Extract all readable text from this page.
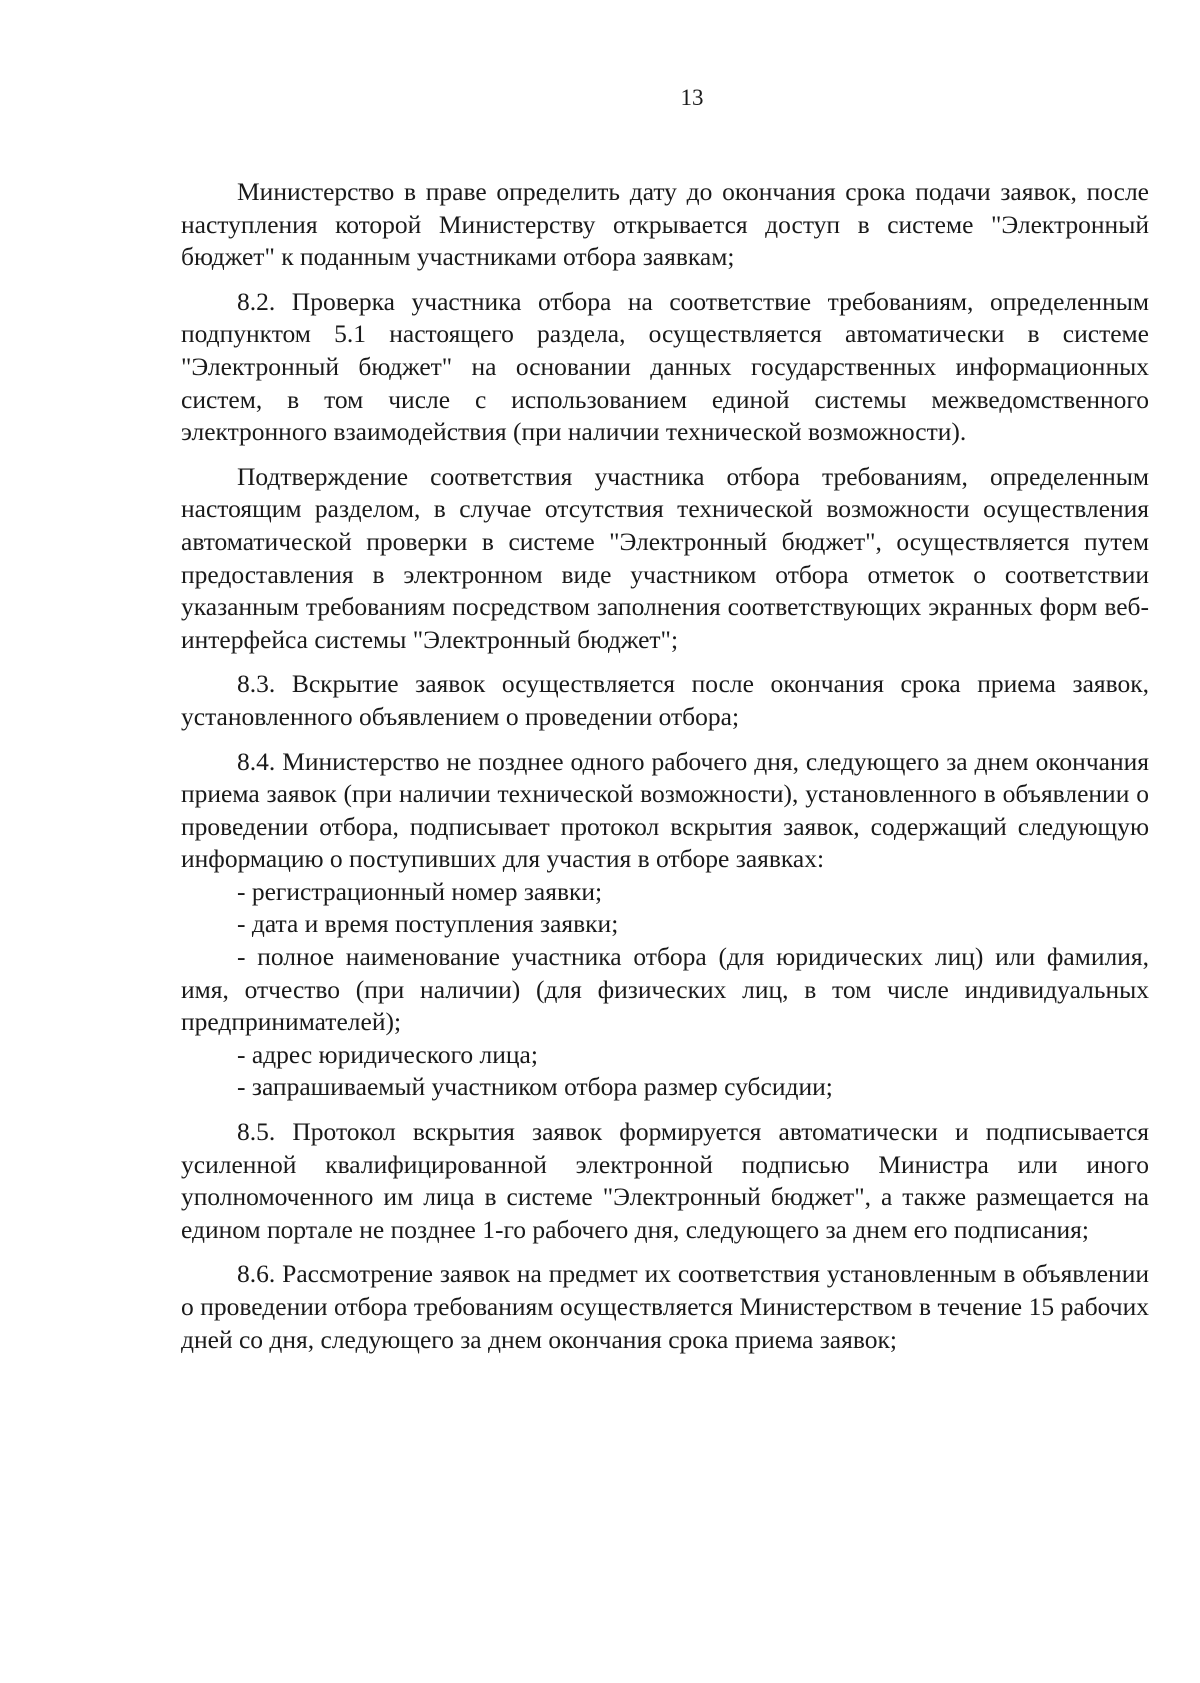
13

Министерство в праве определить дату до окончания срока подачи заявок, после наступления которой Министерству открывается доступ в системе "Электронный бюджет" к поданным участниками отбора заявкам;

8.2. Проверка участника отбора на соответствие требованиям, определенным подпунктом 5.1 настоящего раздела, осуществляется автоматически в системе "Электронный бюджет" на основании данных государственных информационных систем, в том числе с использованием единой системы межведомственного электронного взаимодействия (при наличии технической возможности).

Подтверждение соответствия участника отбора требованиям, определенным настоящим разделом, в случае отсутствия технической возможности осуществления автоматической проверки в системе "Электронный бюджет", осуществляется путем предоставления в электронном виде участником отбора отметок о соответствии указанным требованиям посредством заполнения соответствующих экранных форм веб-интерфейса системы "Электронный бюджет";

8.3. Вскрытие заявок осуществляется после окончания срока приема заявок, установленного объявлением о проведении отбора;

8.4. Министерство не позднее одного рабочего дня, следующего за днем окончания приема заявок (при наличии технической возможности), установленного в объявлении о проведении отбора, подписывает протокол вскрытия заявок, содержащий следующую информацию о поступивших для участия в отборе заявках:

- регистрационный номер заявки;

- дата и время поступления заявки;

- полное наименование участника отбора (для юридических лиц) или фамилия, имя, отчество (при наличии) (для физических лиц, в том числе индивидуальных предпринимателей);

- адрес юридического лица;

- запрашиваемый участником отбора размер субсидии;

8.5. Протокол вскрытия заявок формируется автоматически и подписывается усиленной квалифицированной электронной подписью Министра или иного уполномоченного им лица в системе "Электронный бюджет", а также размещается на едином портале не позднее 1-го рабочего дня, следующего за днем его подписания;

8.6. Рассмотрение заявок на предмет их соответствия установленным в объявлении о проведении отбора требованиям осуществляется Министерством в течение 15 рабочих дней со дня, следующего за днем окончания срока приема заявок;
